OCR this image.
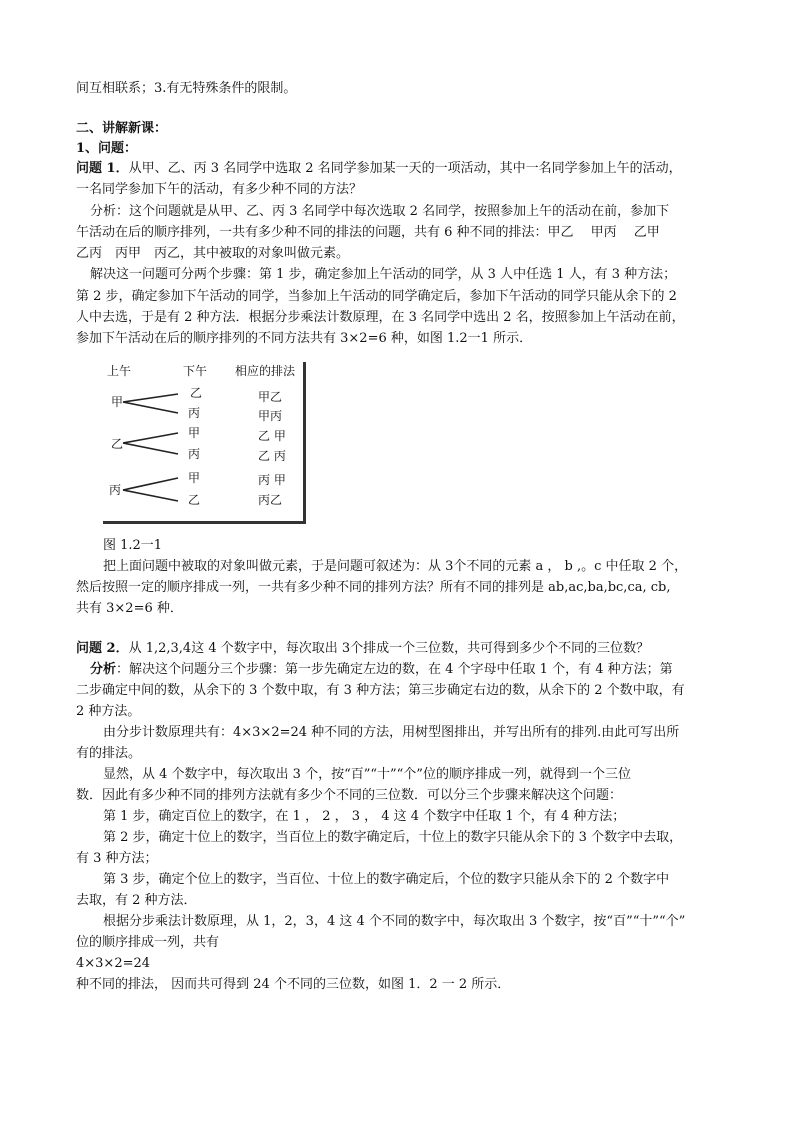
间互相联系；3.有无特殊条件的限制。
二、讲解新课：
1、问题：
问题 1．从甲、乙、丙 3 名同学中选取 2 名同学参加某一天的一项活动，其中一名同学参加上午的活动，
一名同学参加下午的活动，有多少种不同的方法？
分析：这个问题就是从甲、乙、丙 3 名同学中每次选取 2 名同学，按照参加上午的活动在前，参加下
午活动在后的顺序排列，一共有多少种不同的排法的问题，共有 6 种不同的排法：甲乙　 甲丙　 乙甲
乙丙　丙甲　丙乙，其中被取的对象叫做元素。
解决这一问题可分两个步骤：第 1 步，确定参加上午活动的同学，从 3 人中任选 1 人，有 3 种方法；
第 2 步，确定参加下午活动的同学，当参加上午活动的同学确定后，参加下午活动的同学只能从余下的 2
人中去选，于是有 2 种方法．根据分步乘法计数原理，在 3 名同学中选出 2 名，按照参加上午活动在前，
参加下午活动在后的顺序排列的不同方法共有 3×2=6 种，如图 1.2一1 所示．
上午	下午 相应的排法
甲
乙
丙
乙
丙
甲
丙
甲
乙
甲乙
甲丙
乙 甲
乙 丙
丙 甲
丙乙
图 1.2一1
把上面问题中被取的对象叫做元素，于是问题可叙述为：从 3个不同的元素 a ， b ,。c 中任取 2 个，
然后按照一定的顺序排成一列，一共有多少种不同的排列方法？所有不同的排列是 ab,ac,ba,bc,ca, cb,
共有 3×2=6 种．
问题 2．从 1,2,3,4这 4 个数字中，每次取出 3个排成一个三位数，共可得到多少个不同的三位数？
分析：解决这个问题分三个步骤：第一步先确定左边的数，在 4 个字母中任取 1 个，有 4 种方法；第
二步确定中间的数，从余下的 3 个数中取，有 3 种方法；第三步确定右边的数，从余下的 2 个数中取，有
2 种方法。
由分步计数原理共有：4×3×2=24 种不同的方法，用树型图排出，并写出所有的排列.由此可写出所
有的排法。
显然，从 4 个数字中，每次取出 3 个，按“百”“十”“个”位的顺序排成一列，就得到一个三位
数．因此有多少种不同的排列方法就有多少个不同的三位数．可以分三个步骤来解决这个问题：
第 1 步，确定百位上的数字，在 1 ， 2 ， 3 ， 4 这 4 个数字中任取 1 个，有 4 种方法；
第 2 步，确定十位上的数字，当百位上的数字确定后，十位上的数字只能从余下的 3 个数字中去取，
有 3 种方法；
第 3 步，确定个位上的数字，当百位、十位上的数字确定后，个位的数字只能从余下的 2 个数字中
去取，有 2 种方法．
根据分步乘法计数原理，从 1，2，3，4 这 4 个不同的数字中，每次取出 3 个数字，按“百”“十”“个”
位的顺序排成一列，共有
4×3×2=24
种不同的排法， 因而共可得到 24 个不同的三位数，如图 1．2 一 2 所示．
